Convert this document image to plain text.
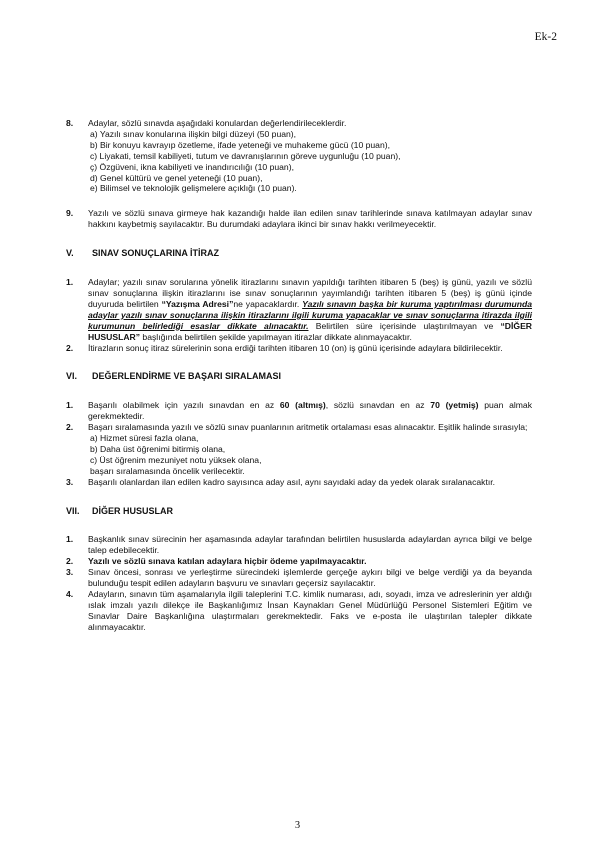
Ek-2
8.	Adaylar, sözlü sınavda aşağıdaki konulardan değerlendirileceklerdir.
a) Yazılı sınav konularına ilişkin bilgi düzeyi (50 puan),
b) Bir konuyu kavrayıp özetleme, ifade yeteneği ve muhakeme gücü (10 puan),
c) Liyakati, temsil kabiliyeti, tutum ve davranışlarının göreve uygunluğu (10 puan),
ç) Özgüveni, ikna kabiliyeti ve inandırıcılığı (10 puan),
d) Genel kültürü ve genel yeteneği (10 puan),
e) Bilimsel ve teknolojik gelişmelere açıklığı (10 puan).
9.	Yazılı ve sözlü sınava girmeye hak kazandığı halde ilan edilen sınav tarihlerinde sınava katılmayan adaylar sınav hakkını kaybetmiş sayılacaktır. Bu durumdaki adaylara ikinci bir sınav hakkı verilmeyecektir.
V. SINAV SONUÇLARINA İTİRAZ
1.	Adaylar; yazılı sınav sorularına yönelik itirazlarını sınavın yapıldığı tarihten itibaren 5 (beş) iş günü, yazılı ve sözlü sınav sonuçlarına ilişkin itirazlarını ise sınav sonuçlarının yayımlandığı tarihten itibaren 5 (beş) iş günü içinde duyuruda belirtilen “Yazışma Adresi”ne yapacaklardır. Yazılı sınavın başka bir kuruma yaptırılması durumunda adaylar yazılı sınav sonuçlarına ilişkin itirazlarını ilgili kuruma yapacaklar ve sınav sonuçlarına itirazda ilgili kurumunun belirlediği esaslar dikkate alınacaktır. Belirtilen süre içerisinde ulaştırılmayan ve “DİĞER HUSUSLAR” başlığında belirtilen şekilde yapılmayan itirazlar dikkate alınmayacaktır.
2.	İtirazların sonuç itiraz sürelerinin sona erdiği tarihten itibaren 10 (on) iş günü içerisinde adaylara bildirilecektir.
VI. DEĞERLENDİRME VE BAŞARI SIRALAMASI
1.	Başarılı olabilmek için yazılı sınavdan en az 60 (altmış), sözlü sınavdan en az 70 (yetmiş) puan almak gerekmektedir.
2.	Başarı sıralamasında yazılı ve sözlü sınav puanlarının aritmetik ortalaması esas alınacaktır. Eşitlik halinde sırasıyla;
a) Hizmet süresi fazla olana,
b) Daha üst öğrenimi bitirmiş olana,
c) Üst öğrenim mezuniyet notu yüksek olana,
başarı sıralamasında öncelik verilecektir.
3.	Başarılı olanlardan ilan edilen kadro sayısınca aday asıl, aynı sayıdaki aday da yedek olarak sıralanacaktır.
VII. DİĞER HUSUSLAR
1.	Başkanlık sınav sürecinin her aşamasında adaylar tarafından belirtilen hususlarda adaylardan ayrıca bilgi ve belge talep edebilecektir.
2.	Yazılı ve sözlü sınava katılan adaylara hiçbir ödeme yapılmayacaktır.
3.	Sınav öncesi, sonrası ve yerleştirme sürecindeki işlemlerde gerçeğe aykırı bilgi ve belge verdiği ya da beyanda bulunduğu tespit edilen adayların başvuru ve sınavları geçersiz sayılacaktır.
4.	Adayların, sınavın tüm aşamalarıyla ilgili taleplerini T.C. kimlik numarası, adı, soyadı, imza ve adreslerinin yer aldığı ıslak imzalı yazılı dilekçe ile Başkanlığımız İnsan Kaynakları Genel Müdürlüğü Personel Sistemleri Eğitim ve Sınavlar Daire Başkanlığına ulaştırmaları gerekmektedir. Faks ve e-posta ile ulaştırılan talepler dikkate alınmayacaktır.
3
